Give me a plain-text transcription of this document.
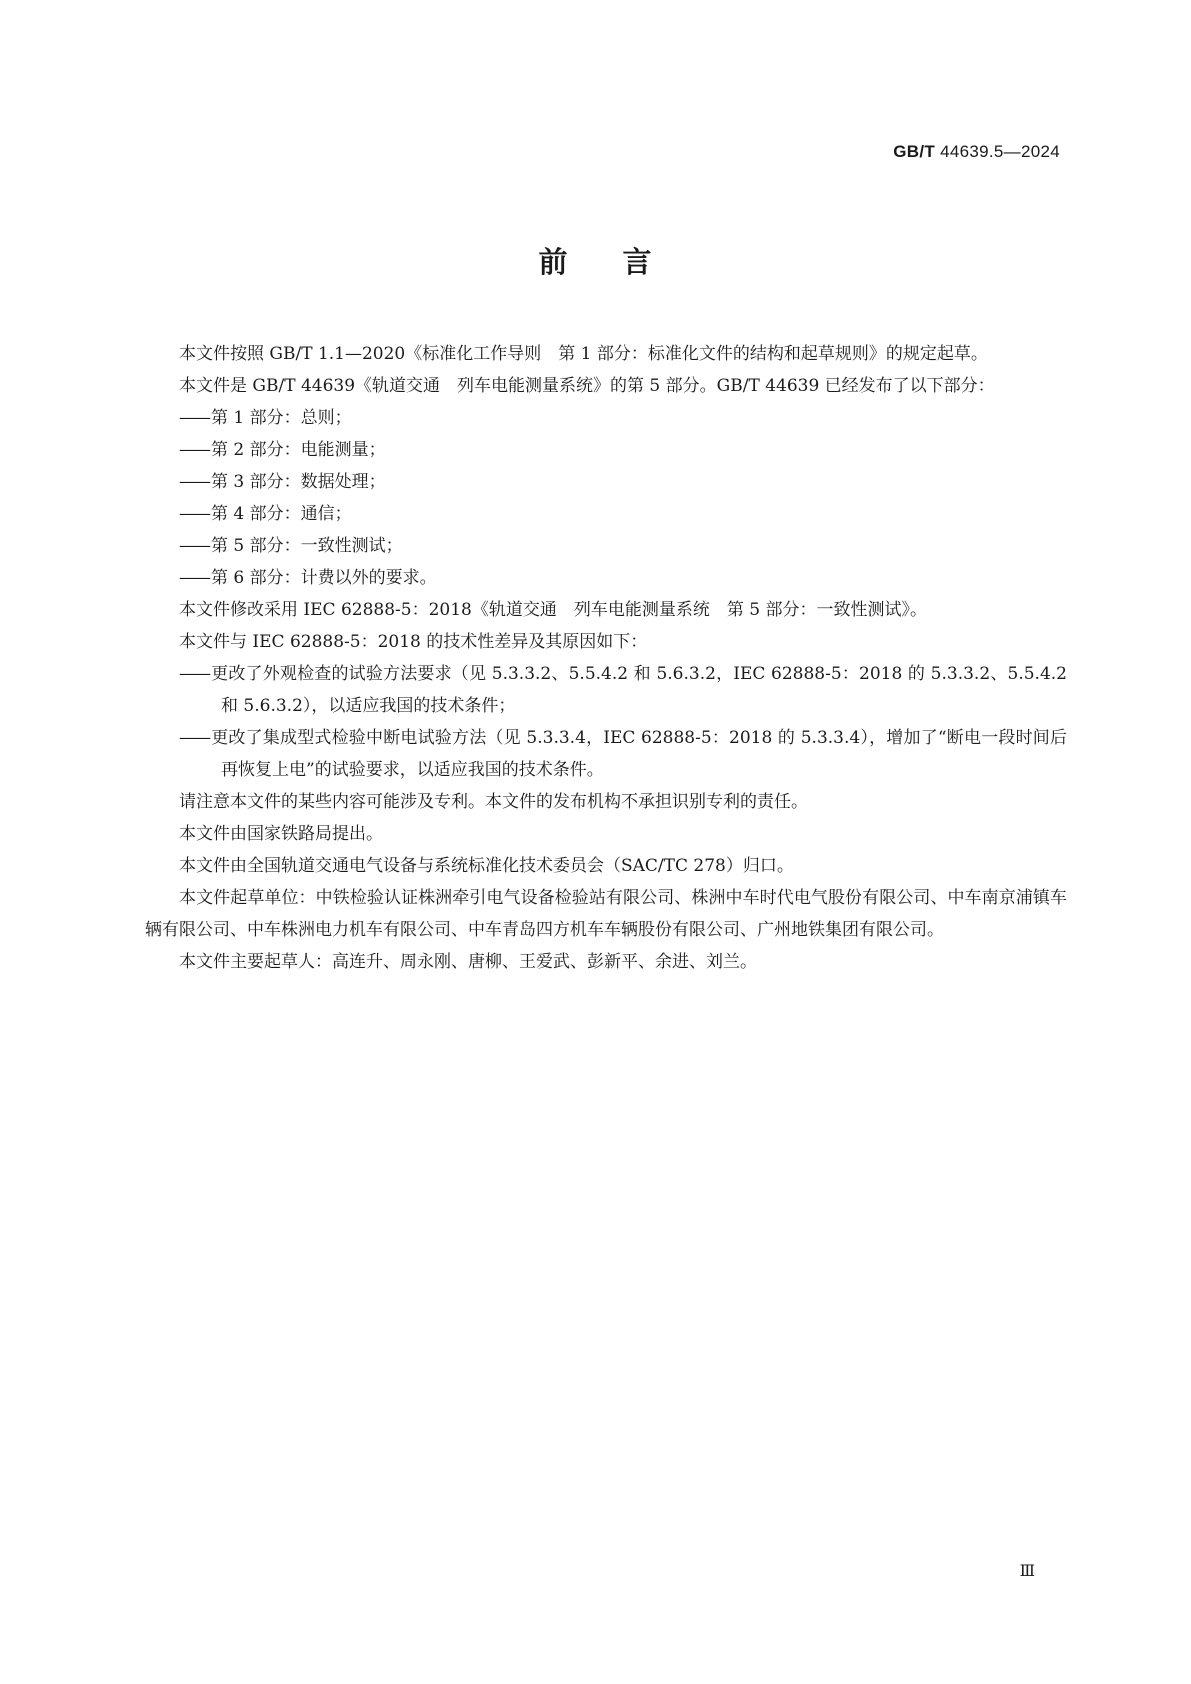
GB/T 44639.5—2024
前 言

本文件按照 GB/T 1.1—2020《标准化工作导则　第 1 部分：标准化文件的结构和起草规则》的规定起草。

本文件是 GB/T 44639《轨道交通　列车电能测量系统》的第 5 部分。GB/T 44639 已经发布了以下部分：

—— 第 1 部分：总则；

—— 第 2 部分：电能测量；

—— 第 3 部分：数据处理；

—— 第 4 部分：通信；

—— 第 5 部分：一致性测试；

—— 第 6 部分：计费以外的要求。

本文件修改采用 IEC 62888-5：2018《轨道交通　列车电能测量系统　第 5 部分：一致性测试》。

本文件与 IEC 62888-5：2018 的技术性差异及其原因如下：

—— 更改了外观检查的试验方法要求（见 5.3.3.2、5.5.4.2 和 5.6.3.2，IEC 62888-5：2018 的 5.3.3.2、5.5.4.2 和 5.6.3.2），以适应我国的技术条件；

—— 更改了集成型式检验中断电试验方法（见 5.3.3.4，IEC 62888-5：2018 的 5.3.3.4），增加了“断电一段时间后再恢复上电”的试验要求，以适应我国的技术条件。

请注意本文件的某些内容可能涉及专利。本文件的发布机构不承担识别专利的责任。

本文件由国家铁路局提出。

本文件由全国轨道交通电气设备与系统标准化技术委员会（SAC/TC 278）归口。

本文件起草单位：中铁检验认证株洲牵引电气设备检验站有限公司、株洲中车时代电气股份有限公司、中车南京浦镇车辆有限公司、中车株洲电力机车有限公司、中车青岛四方机车车辆股份有限公司、广州地铁集团有限公司。

本文件主要起草人：高连升、周永刚、唐柳、王爱武、彭新平、余进、刘兰。

Ⅲ
